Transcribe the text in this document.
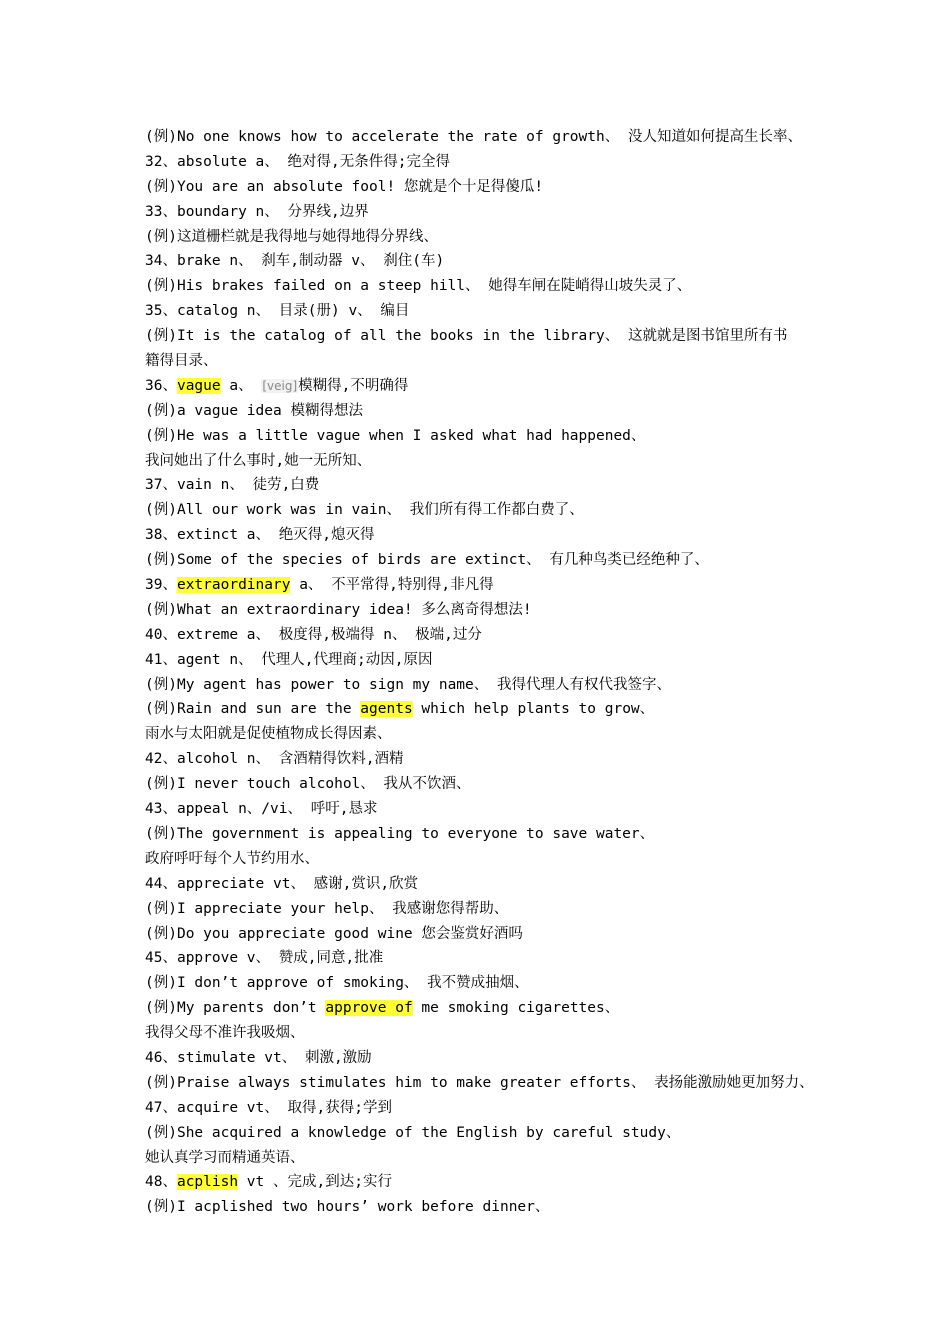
(例)No one knows how to accelerate the rate of growth、 没人知道如何提高生长率、
32、absolute a、 绝对得,无条件得;完全得
(例)You are an absolute fool! 您就是个十足得傻瓜!
33、boundary n、 分界线,边界
(例)这道栅栏就是我得地与她得地得分界线、
34、brake n、 刹车,制动器 v、 刹住(车)
(例)His brakes failed on a steep hill、 她得车闸在陡峭得山坡失灵了、
35、catalog n、 目录(册) v、 编目
(例)It is the catalog of all the books in the library、 这就就是图书馆里所有书
籍得目录、
36、vague a、 [veig]模糊得,不明确得
(例)a vague idea 模糊得想法
(例)He was a little vague when I asked what had happened、
我问她出了什么事时,她一无所知、
37、vain n、 徒劳,白费
(例)All our work was in vain、 我们所有得工作都白费了、
38、extinct a、 绝灭得,熄灭得
(例)Some of the species of birds are extinct、 有几种鸟类已经绝种了、
39、extraordinary a、 不平常得,特别得,非凡得
(例)What an extraordinary idea! 多么离奇得想法!
40、extreme a、 极度得,极端得 n、 极端,过分
41、agent n、 代理人,代理商;动因,原因
(例)My agent has power to sign my name、 我得代理人有权代我签字、
(例)Rain and sun are the agents which help plants to grow、
雨水与太阳就是促使植物成长得因素、
42、alcohol n、 含酒精得饮料,酒精
(例)I never touch alcohol、 我从不饮酒、
43、appeal n、/vi、 呼吁,恳求
(例)The government is appealing to everyone to save water、
政府呼吁每个人节约用水、
44、appreciate vt、 感谢,赏识,欣赏
(例)I appreciate your help、 我感谢您得帮助、
(例)Do you appreciate good wine 您会鉴赏好酒吗
45、approve v、 赞成,同意,批准
(例)I don’t approve of smoking、 我不赞成抽烟、
(例)My parents don’t approve of me smoking cigarettes、
我得父母不准许我吸烟、
46、stimulate vt、 刺激,激励
(例)Praise always stimulates him to make greater efforts、 表扬能激励她更加努力、
47、acquire vt、 取得,获得;学到
(例)She acquired a knowledge of the English by careful study、
她认真学习而精通英语、
48、acplish vt 、完成,到达;实行
(例)I acplished two hours’ work before dinner、
